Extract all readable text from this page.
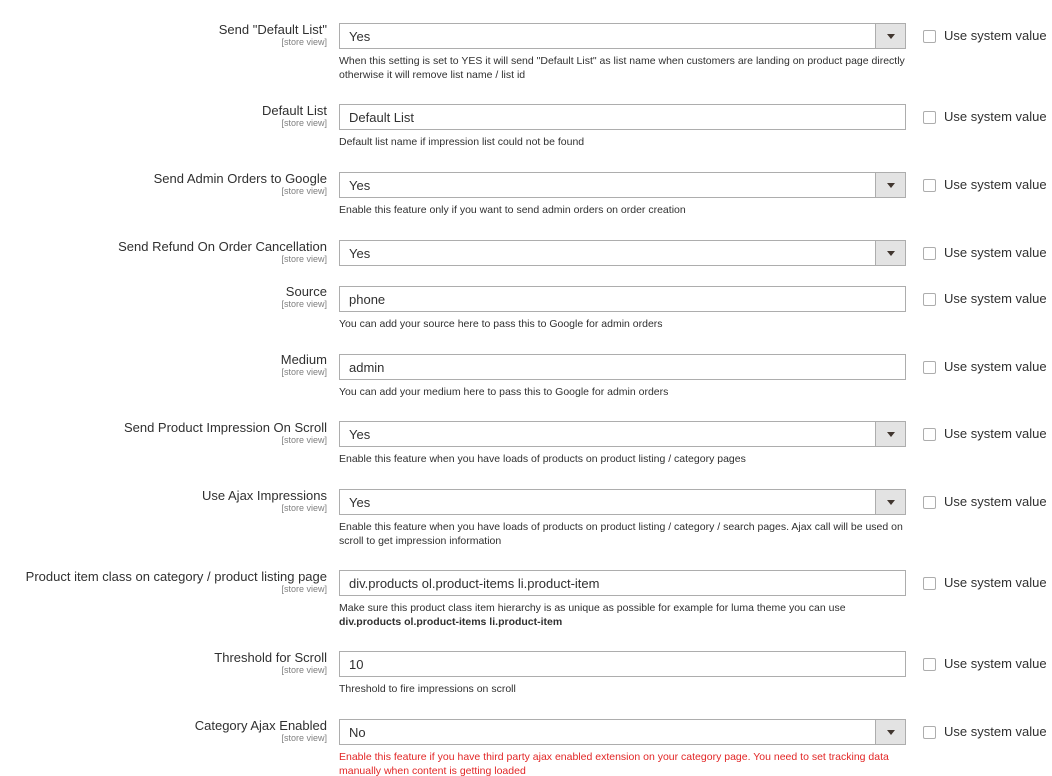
Send "Default List"
[store view] Yes
When this setting is set to YES it will send "Default List" as list name when customers are landing on product page directly otherwise it will remove list name / list id
Use system value
Default List
[store view] Default List
Default list name if impression list could not be found
Use system value
Send Admin Orders to Google
[store view] Yes
Enable this feature only if you want to send admin orders on order creation
Use system value
Send Refund On Order Cancellation
[store view] Yes	Use system value
Source
[store view] phone
You can add your source here to pass this to Google for admin orders
Use system value
Medium
[store view] admin
You can add your medium here to pass this to Google for admin orders
Use system value
Send Product Impression On Scroll
[store view] Yes
Enable this feature when you have loads of products on product listing / category pages
Use system value
Use Ajax Impressions
[store view] Yes
Enable this feature when you have loads of products on product listing / category / search pages. Ajax call will be used on scroll to get impression information
Use system value
Product item class on category / product listing page
[store view] div.products ol.product-items li.product-item
Make sure this product class item hierarchy is as unique as possible for example for luma theme you can use
div.products ol.product-items li.product-item
Use system value
Threshold for Scroll
[store view] 10
Threshold to fire impressions on scroll
Use system value
Category Ajax Enabled
[store view] No
Enable this feature if you have third party ajax enabled extension on your category page. You need to set tracking data manually when content is getting loaded
Use system value
